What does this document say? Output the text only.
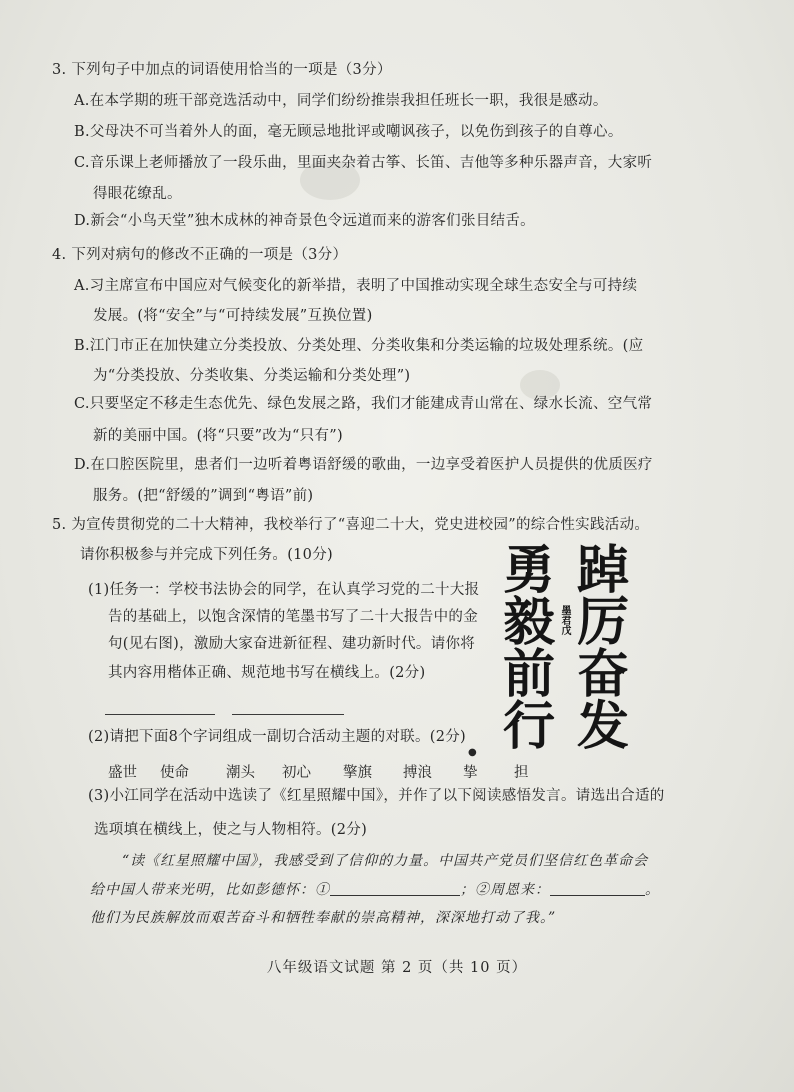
3. 下列句子中加点的词语使用恰当的一项是（3分）
A.在本学期的班干部竞选活动中，同学们纷纷推崇我担任班长一职，我很是感动。
B.父母决不可当着外人的面，毫无顾忌地批评或嘲讽孩子，以免伤到孩子的自尊心。
C.音乐课上老师播放了一段乐曲，里面夹杂着古筝、长笛、吉他等多种乐器声音，大家听
得眼花缭乱。
D.新会“小鸟天堂”独木成林的神奇景色令远道而来的游客们张目结舌。
4. 下列对病句的修改不正确的一项是（3分）
A.习主席宣布中国应对气候变化的新举措，表明了中国推动实现全球生态安全与可持续
发展。(将“安全”与“可持续发展”互换位置)
B.江门市正在加快建立分类投放、分类处理、分类收集和分类运输的垃圾处理系统。(应
为“分类投放、分类收集、分类运输和分类处理”)
C.只要坚定不移走生态优先、绿色发展之路，我们才能建成青山常在、绿水长流、空气常
新的美丽中国。(将“只要”改为“只有”)
D.在口腔医院里，患者们一边听着粤语舒缓的歌曲，一边享受着医护人员提供的优质医疗
服务。(把“舒缓的”调到“粤语”前)
5. 为宣传贯彻党的二十大精神，我校举行了“喜迎二十大，党史进校园”的综合性实践活动。
请你积极参与并完成下列任务。(10分)
(1)任务一：学校书法协会的同学，在认真学习党的二十大报
告的基础上，以饱含深情的笔墨书写了二十大报告中的金
句(见右图)，激励大家奋进新征程、建功新时代。请你将
其内容用楷体正确、规范地书写在横线上。(2分)
(2)请把下面8个字词组成一副切合活动主题的对联。(2分)
盛世 使命	潮头 初心 擎旗 搏浪
●
挚	担
(3)小江同学在活动中选读了《红星照耀中国》，并作了以下阅读感悟发言。请选出合适的
选项填在横线上，使之与人物相符。(2分)
“读《红星照耀中国》，我感受到了信仰的力量。中国共产党员们坚信红色革命会
给中国人带来光明，比如彭德怀：①	；②周恩来：	。
他们为民族解放而艰苦奋斗和牺牲奉献的崇高精神，深深地打动了我。”
踔
厉
奋
发
勇
毅
前
行
墨君戊
八年级语文试题 第 2 页（共 10 页）
